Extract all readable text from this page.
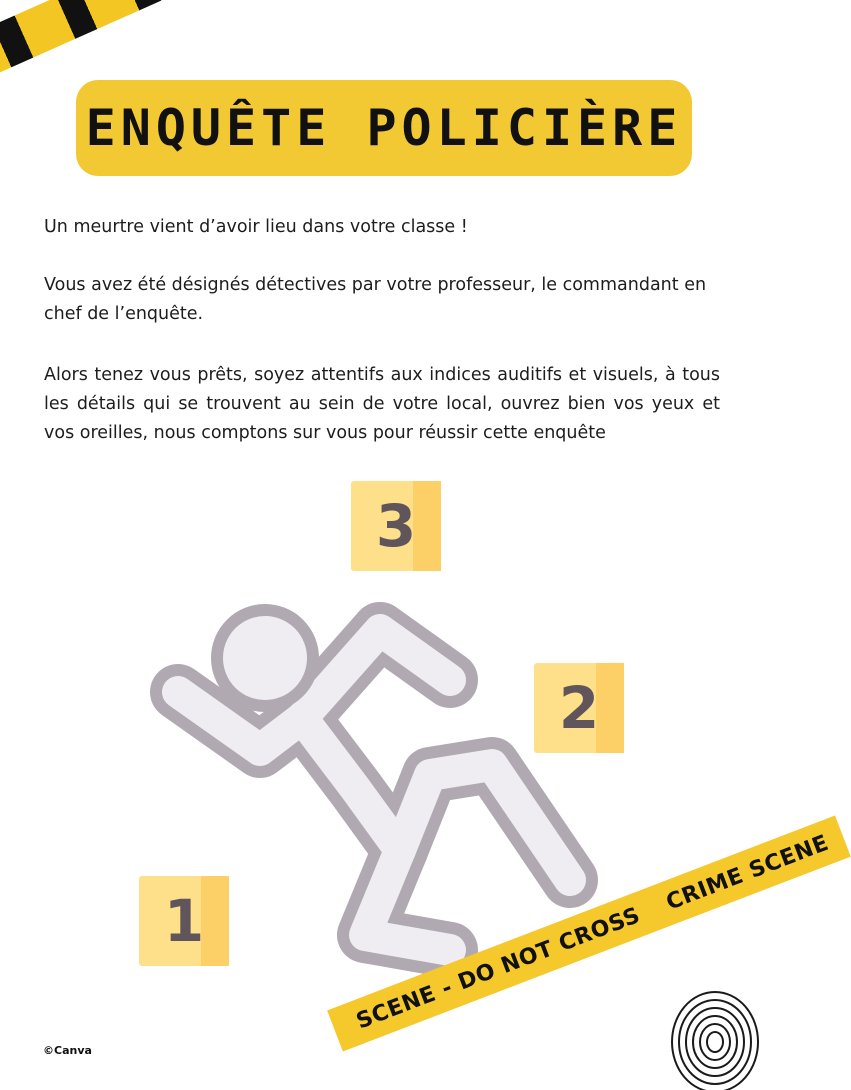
ENQUÊTE POLICIÈRE
Un meurtre vient d’avoir lieu dans votre classe !
Vous avez été désignés détectives par votre professeur, le commandant en chef de l’enquête.
Alors tenez vous prêts, soyez attentifs aux indices auditifs et visuels, à tous les détails qui se trouvent au sein de votre local, ouvrez bien vos yeux et vos oreilles, nous comptons sur vous pour réussir cette enquête
3
2
1	SCENE - DO NOT CROSS
CRIME SCENE
©Canva
